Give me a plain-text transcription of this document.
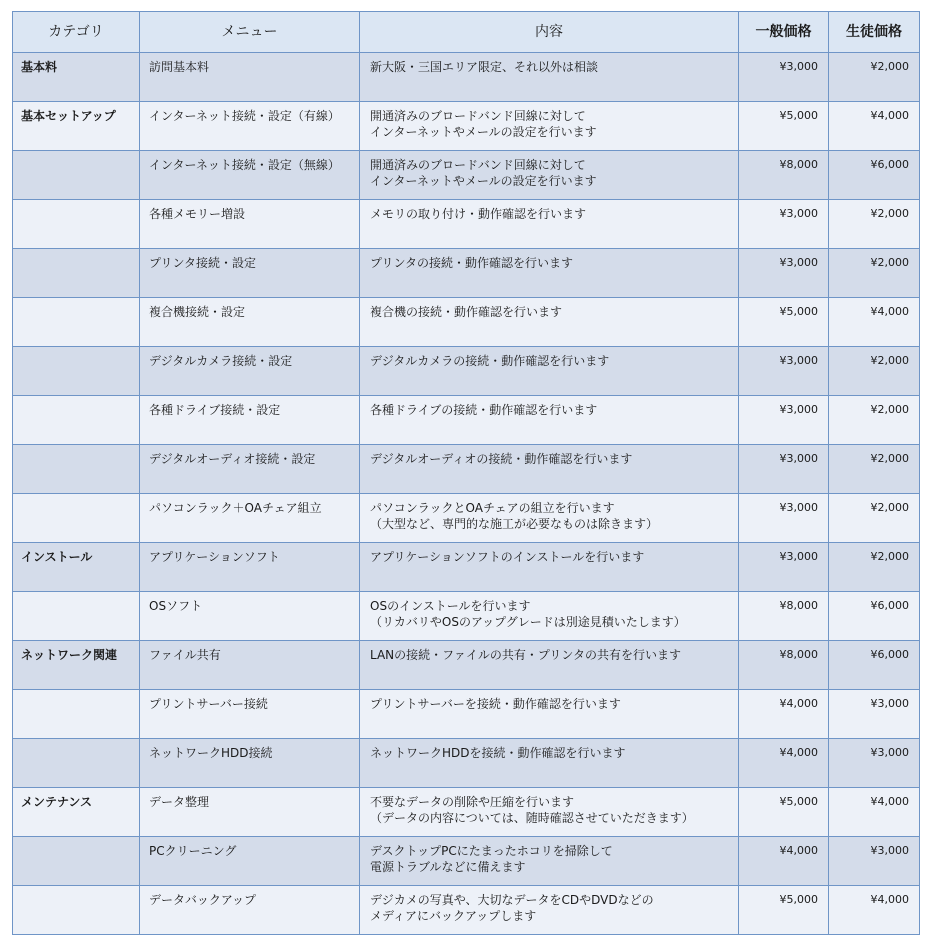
カテゴリ	メニュー	内容	一般価格	生徒価格
基本料	訪問基本料	新大阪・三国エリア限定、それ以外は相談	¥3,000	¥2,000
基本セットアップ	インターネット接続・設定（有線）	開通済みのブロードバンド回線に対して
インターネットやメールの設定を行います	¥5,000	¥4,000
	インターネット接続・設定（無線）	開通済みのブロードバンド回線に対して
インターネットやメールの設定を行います	¥8,000	¥6,000
	各種メモリー増設	メモリの取り付け・動作確認を行います	¥3,000	¥2,000
	プリンタ接続・設定	プリンタの接続・動作確認を行います	¥3,000	¥2,000
	複合機接続・設定	複合機の接続・動作確認を行います	¥5,000	¥4,000
	デジタルカメラ接続・設定	デジタルカメラの接続・動作確認を行います	¥3,000	¥2,000
	各種ドライブ接続・設定	各種ドライブの接続・動作確認を行います	¥3,000	¥2,000
	デジタルオーディオ接続・設定	デジタルオーディオの接続・動作確認を行います	¥3,000	¥2,000
	パソコンラック＋OAチェア組立	パソコンラックとOAチェアの組立を行います
（大型など、専門的な施工が必要なものは除きます）	¥3,000	¥2,000
インストール	アプリケーションソフト	アプリケーションソフトのインストールを行います	¥3,000	¥2,000
	OSソフト	OSのインストールを行います
（リカバリやOSのアップグレードは別途見積いたします）	¥8,000	¥6,000
ネットワーク関連	ファイル共有	LANの接続・ファイルの共有・プリンタの共有を行います	¥8,000	¥6,000
	プリントサーバー接続	プリントサーバーを接続・動作確認を行います	¥4,000	¥3,000
	ネットワークHDD接続	ネットワークHDDを接続・動作確認を行います	¥4,000	¥3,000
メンテナンス	データ整理	不要なデータの削除や圧縮を行います
（データの内容については、随時確認させていただきます）	¥5,000	¥4,000
	PCクリーニング	デスクトップPCにたまったホコリを掃除して
電源トラブルなどに備えます	¥4,000	¥3,000
	データバックアップ	デジカメの写真や、大切なデータをCDやDVDなどの
メディアにバックアップします	¥5,000	¥4,000
